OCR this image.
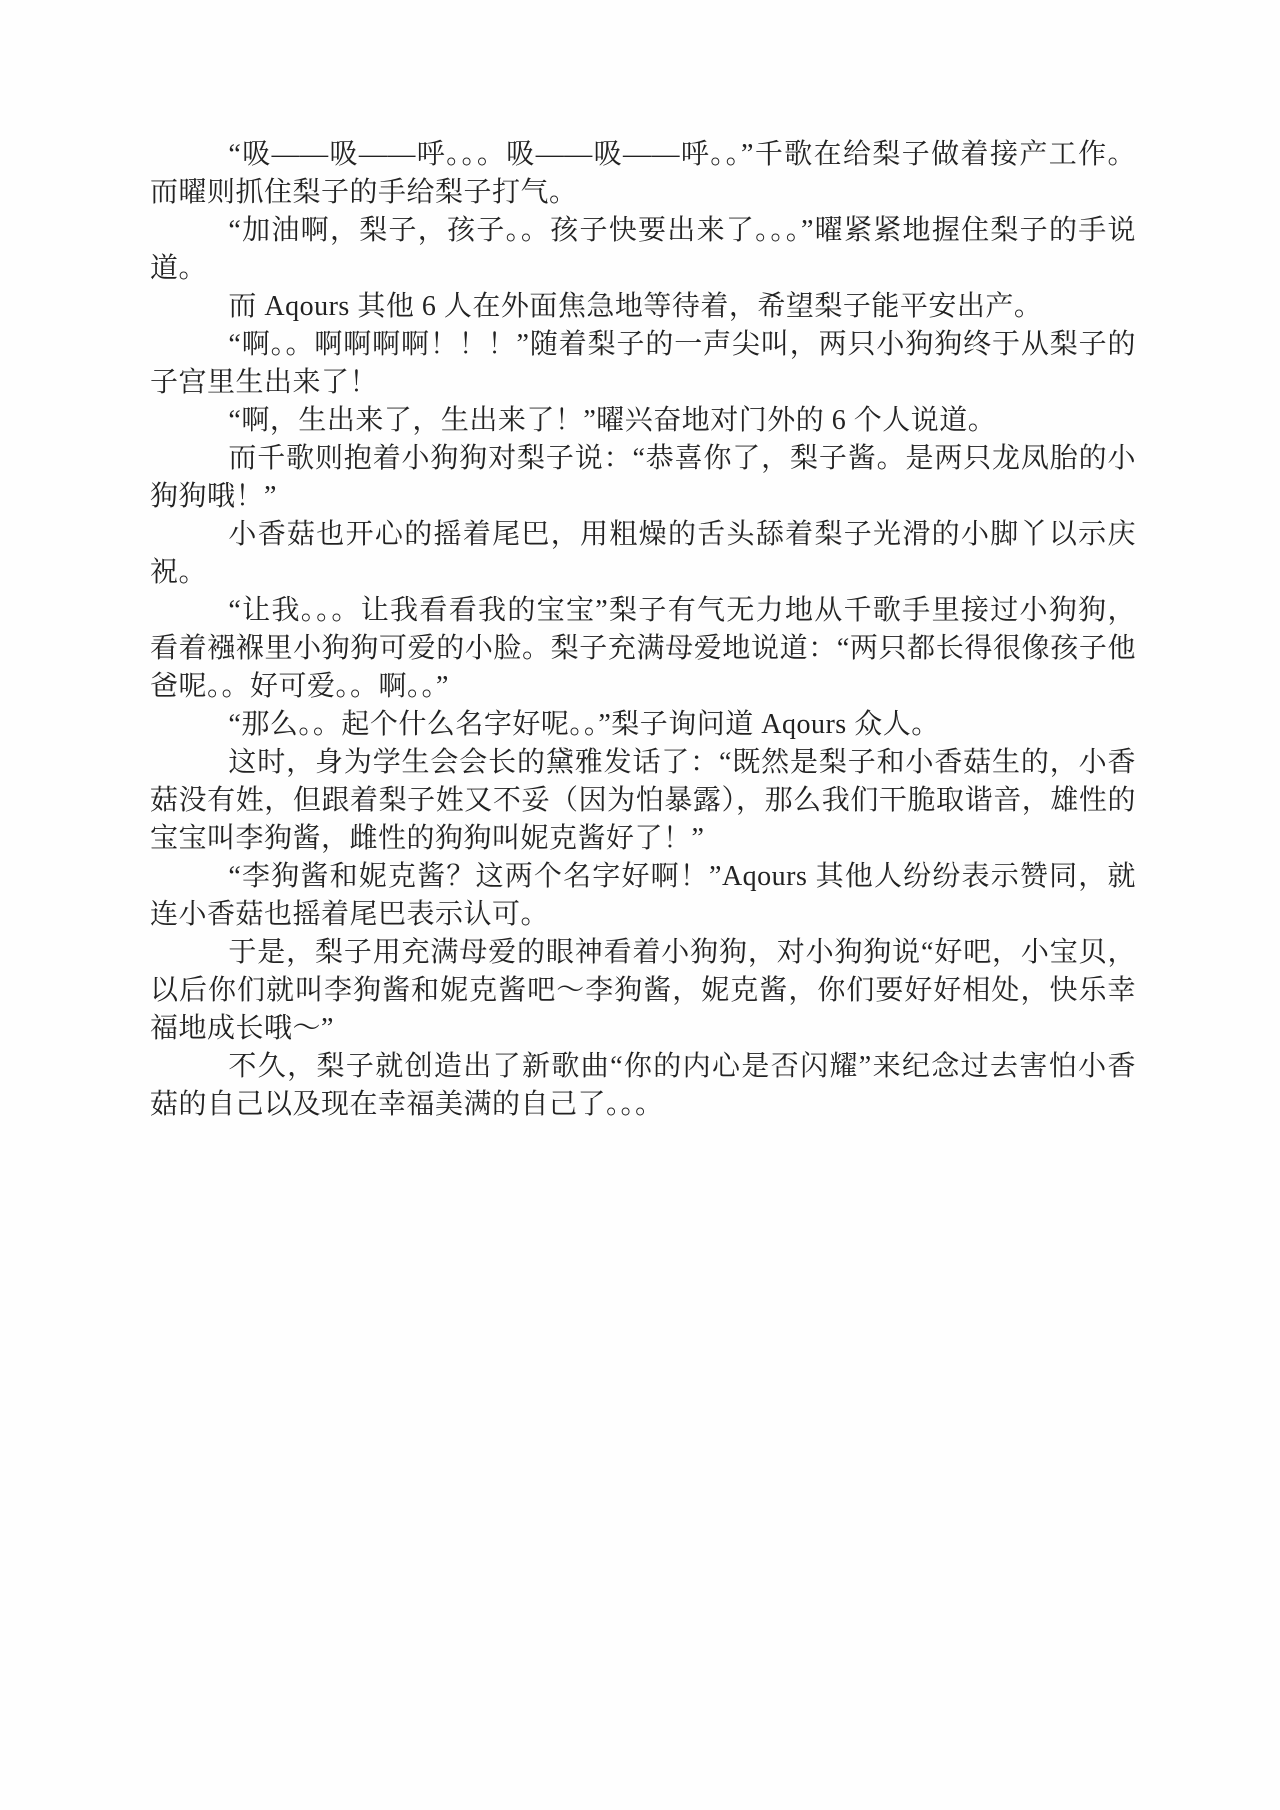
“吸——吸——呼。。。吸——吸——呼。。”千歌在给梨子做着接产工作。而曜则抓住梨子的手给梨子打气。

“加油啊，梨子，孩子。。孩子快要出来了。。。”曜紧紧地握住梨子的手说道。

而 Aqours 其他 6 人在外面焦急地等待着，希望梨子能平安出产。

“啊。。啊啊啊啊！！！”随着梨子的一声尖叫，两只小狗狗终于从梨子的子宫里生出来了！

“啊，生出来了，生出来了！”曜兴奋地对门外的 6 个人说道。

而千歌则抱着小狗狗对梨子说：“恭喜你了，梨子酱。是两只龙凤胎的小狗狗哦！”

小香菇也开心的摇着尾巴，用粗燥的舌头舔着梨子光滑的小脚丫以示庆祝。

“让我。。。让我看看我的宝宝”梨子有气无力地从千歌手里接过小狗狗，看着襁褓里小狗狗可爱的小脸。梨子充满母爱地说道：“两只都长得很像孩子他爸呢。。好可爱。。啊。。”

“那么。。起个什么名字好呢。。”梨子询问道 Aqours 众人。

这时，身为学生会会长的黛雅发话了：“既然是梨子和小香菇生的，小香菇没有姓，但跟着梨子姓又不妥（因为怕暴露），那么我们干脆取谐音，雄性的宝宝叫李狗酱，雌性的狗狗叫妮克酱好了！”

“李狗酱和妮克酱？这两个名字好啊！”Aqours 其他人纷纷表示赞同，就连小香菇也摇着尾巴表示认可。

于是，梨子用充满母爱的眼神看着小狗狗，对小狗狗说“好吧，小宝贝，以后你们就叫李狗酱和妮克酱吧～李狗酱，妮克酱，你们要好好相处，快乐幸福地成长哦～”

不久，梨子就创造出了新歌曲“你的内心是否闪耀”来纪念过去害怕小香菇的自己以及现在幸福美满的自己了。。。
